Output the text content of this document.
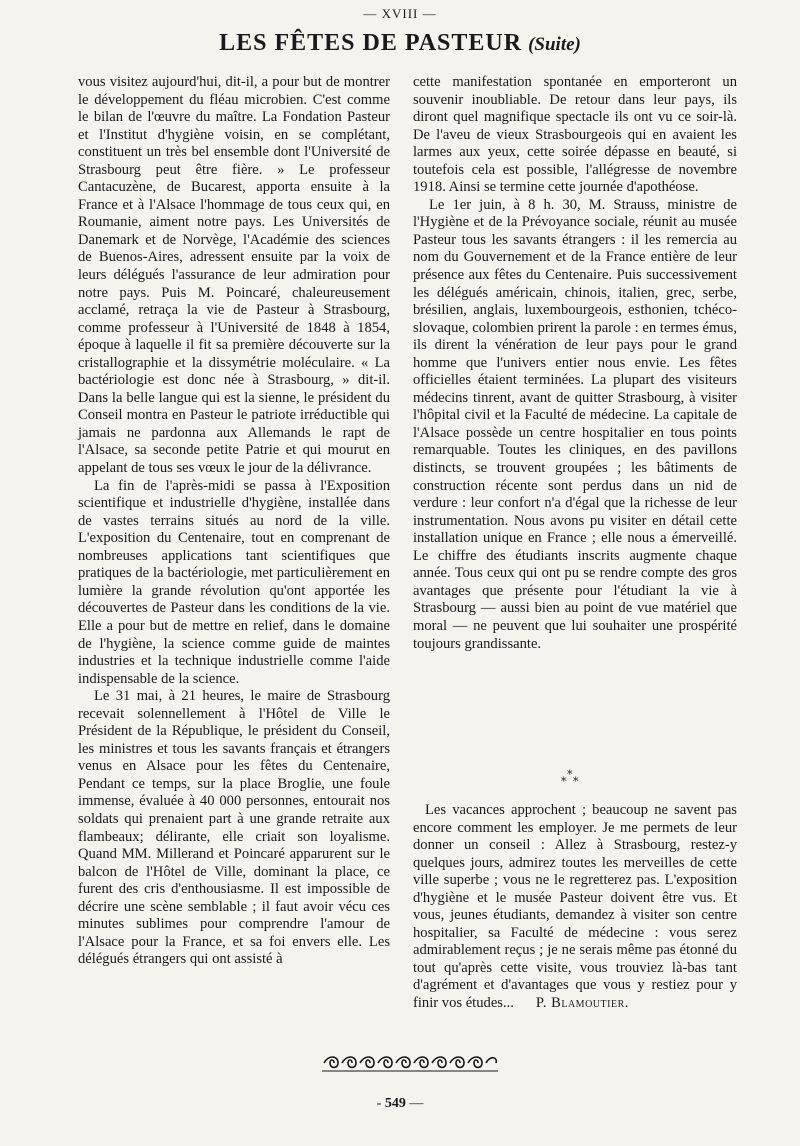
— XVIII —
LES FÊTES DE PASTEUR (Suite)

vous visitez aujourd'hui, dit-il, a pour but de montrer le développement du fléau microbien. C'est comme le bilan de l'œuvre du maître. La Fondation Pasteur et l'Institut d'hygiène voisin, en se complétant, constituent un très bel ensemble dont l'Université de Strasbourg peut être fière. » Le professeur Cantacuzène, de Bucarest, apporta ensuite à la France et à l'Alsace l'hommage de tous ceux qui, en Roumanie, aiment notre pays. Les Universités de Danemark et de Norvège, l'Académie des sciences de Buenos-Aires, adressent ensuite par la voix de leurs délégués l'assurance de leur admiration pour notre pays. Puis M. Poincaré, chaleureusement acclamé, retraça la vie de Pasteur à Strasbourg, comme professeur à l'Université de 1848 à 1854, époque à laquelle il fit sa première découverte sur la cristallographie et la dissymétrie moléculaire. « La bactériologie est donc née à Strasbourg, » dit-il. Dans la belle langue qui est la sienne, le président du Conseil montra en Pasteur le patriote irréductible qui jamais ne pardonna aux Allemands le rapt de l'Alsace, sa seconde petite Patrie et qui mourut en appelant de tous ses vœux le jour de la délivrance.

La fin de l'après-midi se passa à l'Exposition scientifique et industrielle d'hygiène, installée dans de vastes terrains situés au nord de la ville. L'exposition du Centenaire, tout en comprenant de nombreuses applications tant scientifiques que pratiques de la bactériologie, met particulièrement en lumière la grande révolution qu'ont apportée les découvertes de Pasteur dans les conditions de la vie. Elle a pour but de mettre en relief, dans le domaine de l'hygiène, la science comme guide de maintes industries et la technique industrielle comme l'aide indispensable de la science.

Le 31 mai, à 21 heures, le maire de Strasbourg recevait solennellement à l'Hôtel de Ville le Président de la République, le président du Conseil, les ministres et tous les savants français et étrangers venus en Alsace pour les fêtes du Centenaire, Pendant ce temps, sur la place Broglie, une foule immense, évaluée à 40 000 personnes, entourait nos soldats qui prenaient part à une grande retraite aux flambeaux; délirante, elle criait son loyalisme. Quand MM. Millerand et Poincaré apparurent sur le balcon de l'Hôtel de Ville, dominant la place, ce furent des cris d'enthousiasme. Il est impossible de décrire une scène semblable ; il faut avoir vécu ces minutes sublimes pour comprendre l'amour de l'Alsace pour la France, et sa foi envers elle. Les délégués étrangers qui ont assisté à

cette manifestation spontanée en emporteront un souvenir inoubliable. De retour dans leur pays, ils diront quel magnifique spectacle ils ont vu ce soir-là. De l'aveu de vieux Strasbourgeois qui en avaient les larmes aux yeux, cette soirée dépasse en beauté, si toutefois cela est possible, l'allégresse de novembre 1918. Ainsi se termine cette journée d'apothéose.

Le 1er juin, à 8 h. 30, M. Strauss, ministre de l'Hygiène et de la Prévoyance sociale, réunit au musée Pasteur tous les savants étrangers : il les remercia au nom du Gouvernement et de la France entière de leur présence aux fêtes du Centenaire. Puis successivement les délégués américain, chinois, italien, grec, serbe, brésilien, anglais, luxembourgeois, esthonien, tchéco-slovaque, colombien prirent la parole : en termes émus, ils dirent la vénération de leur pays pour le grand homme que l'univers entier nous envie. Les fêtes officielles étaient terminées. La plupart des visiteurs médecins tinrent, avant de quitter Strasbourg, à visiter l'hôpital civil et la Faculté de médecine. La capitale de l'Alsace possède un centre hospitalier en tous points remarquable. Toutes les cliniques, en des pavillons distincts, se trouvent groupées ; les bâtiments de construction récente sont perdus dans un nid de verdure : leur confort n'a d'égal que la richesse de leur instrumentation. Nous avons pu visiter en détail cette installation unique en France ; elle nous a émerveillé. Le chiffre des étudiants inscrits augmente chaque année. Tous ceux qui ont pu se rendre compte des gros avantages que présente pour l'étudiant la vie à Strasbourg — aussi bien au point de vue matériel que moral — ne peuvent que lui souhaiter une prospérité toujours grandissante.

*
* *

Les vacances approchent ; beaucoup ne savent pas encore comment les employer. Je me permets de leur donner un conseil : Allez à Strasbourg, restez-y quelques jours, admirez toutes les merveilles de cette ville superbe ; vous ne le regretterez pas. L'exposition d'hygiène et le musée Pasteur doivent être vus. Et vous, jeunes étudiants, demandez à visiter son centre hospitalier, sa Faculté de médecine : vous serez admirablement reçus ; je ne serais même pas étonné du tout qu'après cette visite, vous trouviez là-bas tant d'agrément et d'avantages que vous y restiez pour y finir vos études... P. Blamoutier.

- 549 —
